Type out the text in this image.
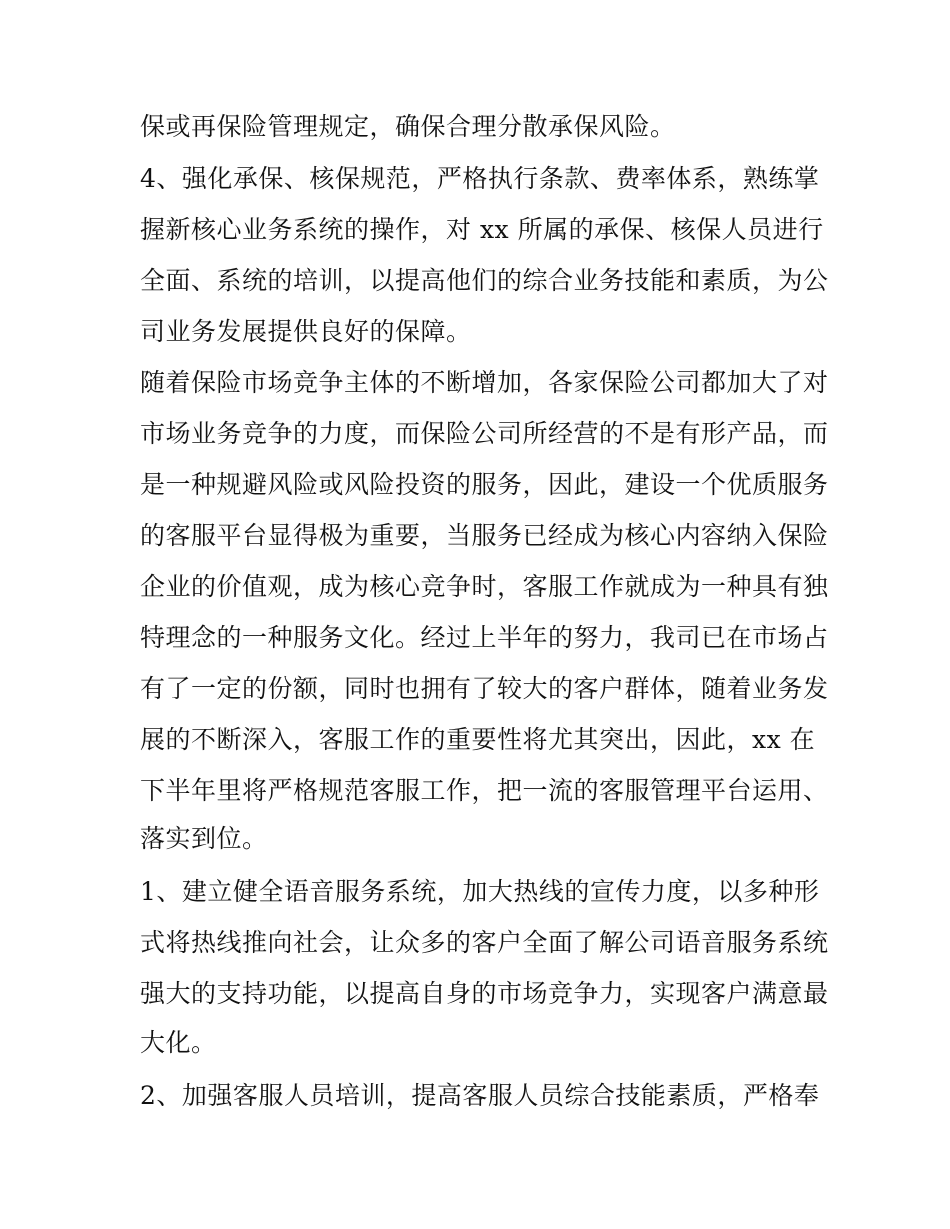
保或再保险管理规定，确保合理分散承保风险。
4、强化承保、核保规范，严格执行条款、费率体系，熟练掌
握新核心业务系统的操作，对 xx 所属的承保、核保人员进行
全面、系统的培训，以提高他们的综合业务技能和素质，为公
司业务发展提供良好的保障。
随着保险市场竞争主体的不断增加，各家保险公司都加大了对
市场业务竞争的力度，而保险公司所经营的不是有形产品，而
是一种规避风险或风险投资的服务，因此，建设一个优质服务
的客服平台显得极为重要，当服务已经成为核心内容纳入保险
企业的价值观，成为核心竞争时，客服工作就成为一种具有独
特理念的一种服务文化。经过上半年的努力，我司已在市场占
有了一定的份额，同时也拥有了较大的客户群体，随着业务发
展的不断深入，客服工作的重要性将尤其突出，因此，xx 在
下半年里将严格规范客服工作，把一流的客服管理平台运用、
落实到位。
1、建立健全语音服务系统，加大热线的宣传力度，以多种形
式将热线推向社会，让众多的客户全面了解公司语音服务系统
强大的支持功能，以提高自身的市场竞争力，实现客户满意最
大化。
2、加强客服人员培训，提高客服人员综合技能素质，严格奉
